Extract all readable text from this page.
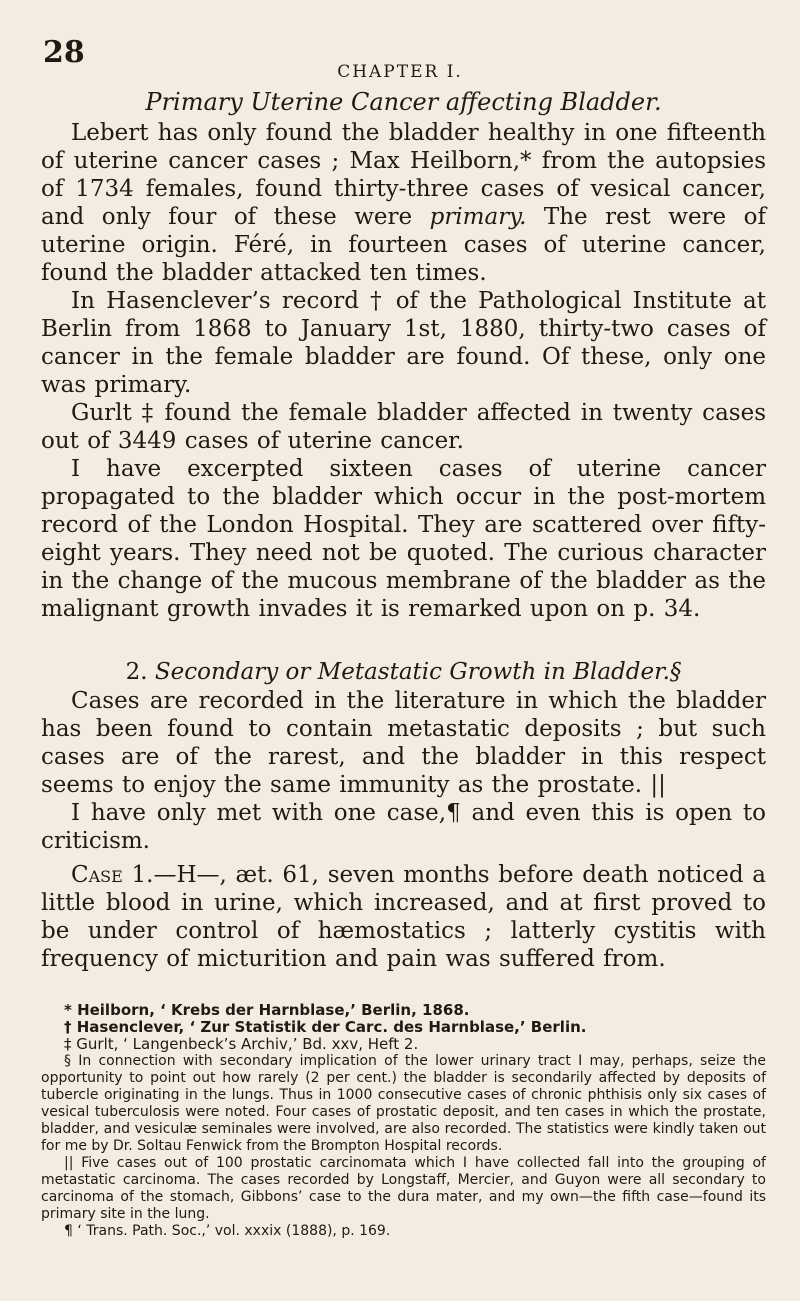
28
CHAPTER I.

Primary Uterine Cancer affecting Bladder.

Lebert has only found the bladder healthy in one fifteenth of uterine cancer cases ; Max Heilborn,* from the autopsies of 1734 females, found thirty-three cases of vesical cancer, and only four of these were primary. The rest were of uterine origin. Féré, in fourteen cases of uterine cancer, found the bladder attacked ten times.

In Hasenclever’s record † of the Pathological Institute at Berlin from 1868 to January 1st, 1880, thirty-two cases of cancer in the female bladder are found. Of these, only one was primary.

Gurlt ‡ found the female bladder affected in twenty cases out of 3449 cases of uterine cancer.

I have excerpted sixteen cases of uterine cancer propagated to the bladder which occur in the post-mortem record of the London Hospital. They are scattered over fifty-eight years. They need not be quoted. The curious character in the change of the mucous membrane of the bladder as the malignant growth invades it is remarked upon on p. 34.

2. Secondary or Metastatic Growth in Bladder.§

Cases are recorded in the literature in which the bladder has been found to contain metastatic deposits ; but such cases are of the rarest, and the bladder in this respect seems to enjoy the same immunity as the prostate. ||

I have only met with one case,¶ and even this is open to criticism.

Case 1.—H—, æt. 61, seven months before death noticed a little blood in urine, which increased, and at first proved to be under control of hæmostatics ; latterly cystitis with frequency of micturition and pain was suffered from.

* Heilborn, ‘ Krebs der Harnblase,’ Berlin, 1868.

† Hasenclever, ‘ Zur Statistik der Carc. des Harnblase,’ Berlin.

‡ Gurlt, ‘ Langenbeck’s Archiv,’ Bd. xxv, Heft 2.

§ In connection with secondary implication of the lower urinary tract I may, perhaps, seize the opportunity to point out how rarely (2 per cent.) the bladder is secondarily affected by deposits of tubercle originating in the lungs. Thus in 1000 consecutive cases of chronic phthisis only six cases of vesical tuberculosis were noted. Four cases of prostatic deposit, and ten cases in which the prostate, bladder, and vesiculæ seminales were involved, are also recorded. The statistics were kindly taken out for me by Dr. Soltau Fenwick from the Brompton Hospital records.

|| Five cases out of 100 prostatic carcinomata which I have collected fall into the grouping of metastatic carcinoma. The cases recorded by Longstaff, Mercier, and Guyon were all secondary to carcinoma of the stomach, Gibbons’ case to the dura mater, and my own—the fifth case—found its primary site in the lung.

¶ ‘ Trans. Path. Soc.,’ vol. xxxix (1888), p. 169.
